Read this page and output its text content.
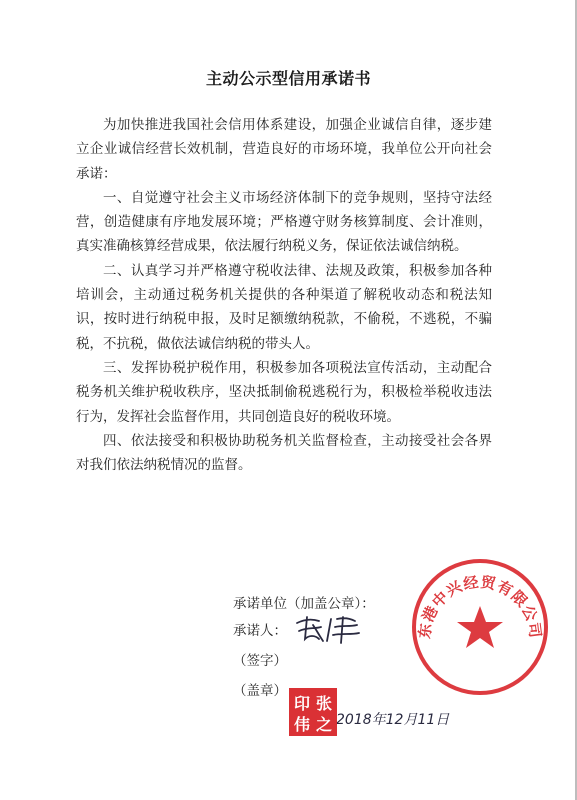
主动公示型信用承诺书

为加快推进我国社会信用体系建设，加强企业诚信自律，逐步建立企业诚信经营长效机制，营造良好的市场环境，我单位公开向社会承诺：

一、自觉遵守社会主义市场经济体制下的竞争规则，坚持守法经营，创造健康有序地发展环境；严格遵守财务核算制度、会计准则，真实准确核算经营成果，依法履行纳税义务，保证依法诚信纳税。

二、认真学习并严格遵守税收法律、法规及政策，积极参加各种培训会，主动通过税务机关提供的各种渠道了解税收动态和税法知识，按时进行纳税申报，及时足额缴纳税款，不偷税，不逃税，不骗税，不抗税，做依法诚信纳税的带头人。

三、发挥协税护税作用，积极参加各项税法宣传活动，主动配合税务机关维护税收秩序，坚决抵制偷税逃税行为，积极检举税收违法行为，发挥社会监督作用，共同创造良好的税收环境。

四、依法接受和积极协助税务机关监督检查，主动接受社会各界对我们依法纳税情况的监督。

承诺单位（加盖公章）：
承诺人：
（签字）
（盖章）
2018年12月11日
东港中兴经贸有限公司
张
印
之
伟
